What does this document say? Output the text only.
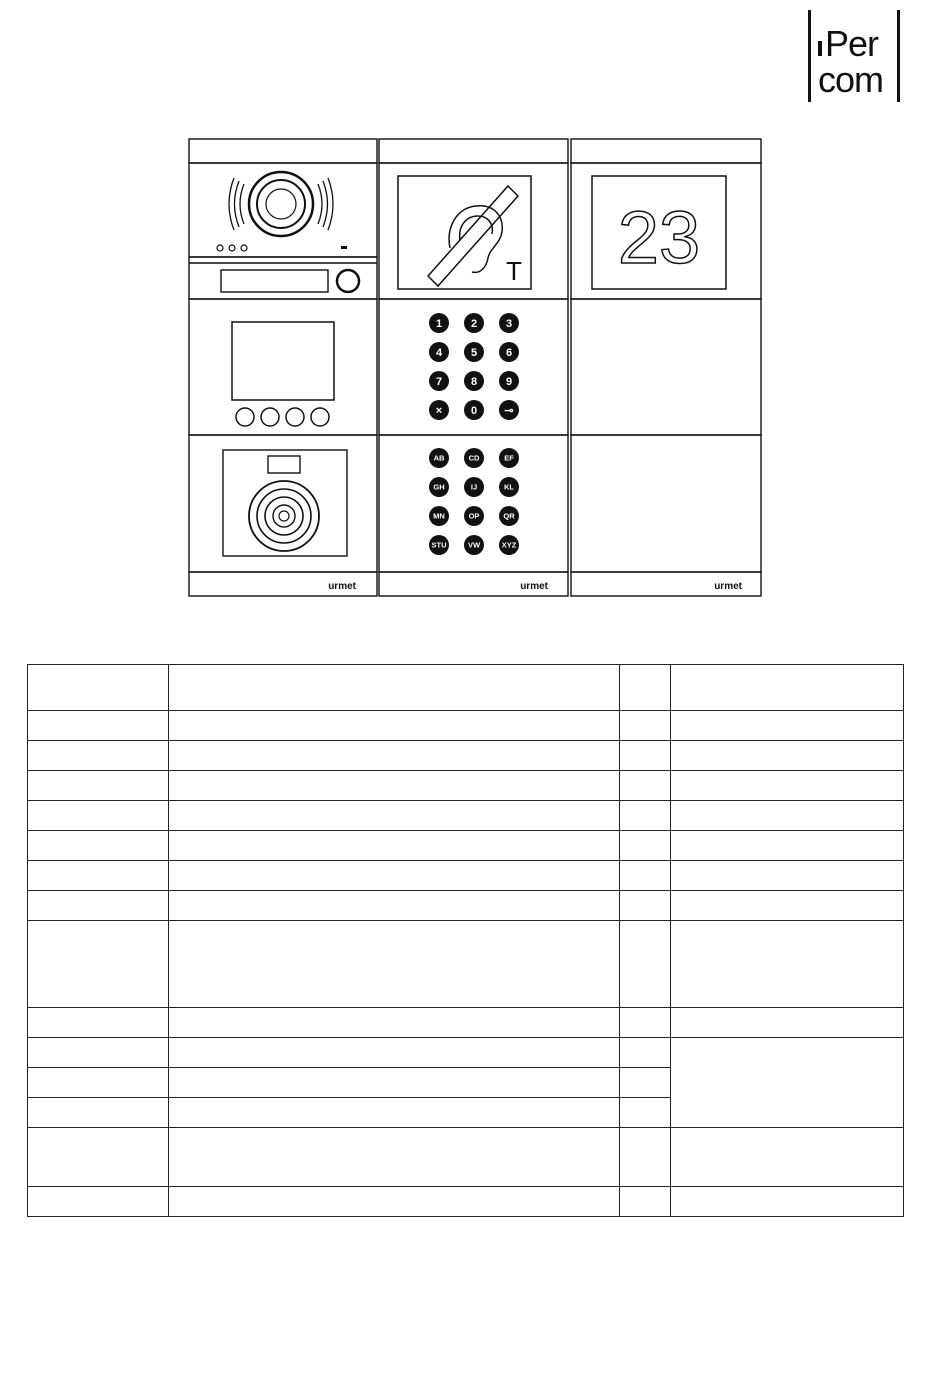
Per
com
T 23
1	2	3
4	5	6
7	8	9
×	0 ⊸
AB	CD	EF
GH	IJ	KL
MN	OP	QR
STU	VW	XYZ
urmet	urmet	urmet
